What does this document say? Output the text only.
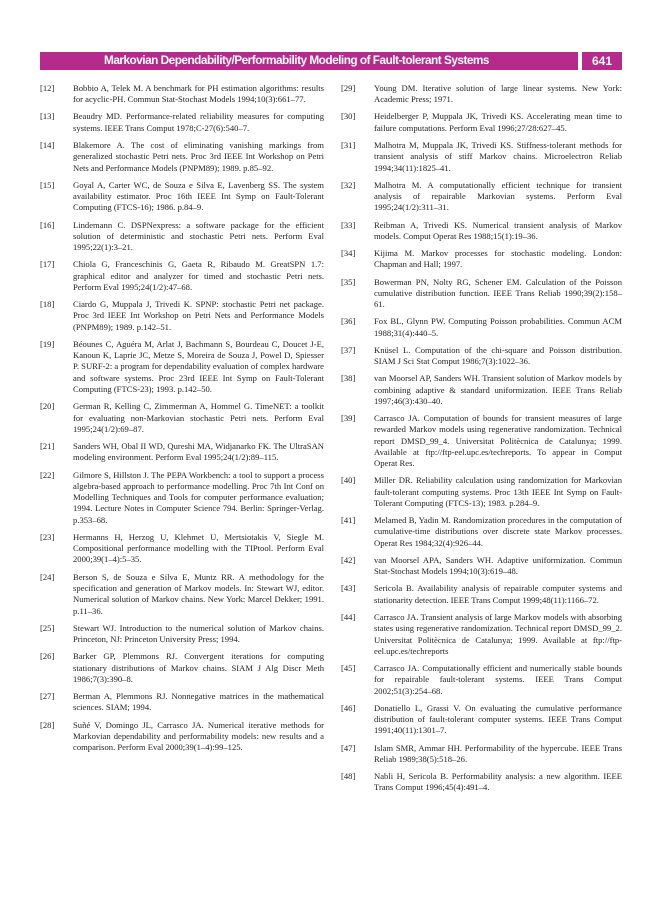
Markovian Dependability/Performability Modeling of Fault-tolerant Systems	641
[12] Bobbio A, Telek M. A benchmark for PH estimation algorithms: results for acyclic-PH. Commun Stat-Stochast Models 1994;10(3):661–77.
[13] Beaudry MD. Performance-related reliability measures for computing systems. IEEE Trans Comput 1978;C-27(6):540–7.
[14] Blakemore A. The cost of eliminating vanishing markings from generalized stochastic Petri nets. Proc 3rd IEEE Int Workshop on Petri Nets and Performance Models (PNPM89); 1989. p.85–92.
[15] Goyal A, Carter WC, de Souza e Silva E, Lavenberg SS. The system availability estimator. Proc 16th IEEE Int Symp on Fault-Tolerant Computing (FTCS-16); 1986. p.84–9.
[16] Lindemann C. DSPNexpress: a software package for the efficient solution of deterministic and stochastic Petri nets. Perform Eval 1995;22(1):3–21.
[17] Chiola G, Franceschinis G, Gaeta R, Ribaudo M. GreatSPN 1.7: graphical editor and analyzer for timed and stochastic Petri nets. Perform Eval 1995;24(1/2):47–68.
[18] Ciardo G, Muppala J, Trivedi K. SPNP: stochastic Petri net package. Proc 3rd IEEE Int Workshop on Petri Nets and Performance Models (PNPM89); 1989. p.142–51.
[19] Béounes C, Aguéra M, Arlat J, Bachmann S, Bourdeau C, Doucet J-E, Kanoun K, Laprie JC, Metze S, Moreira de Souza J, Powel D, Spiesser P. SURF-2: a program for dependability evaluation of complex hardware and software systems. Proc 23rd IEEE Int Symp on Fault-Tolerant Computing (FTCS-23); 1993. p.142–50.
[20] German R, Kelling C, Zimmerman A, Hommel G. TimeNET: a toolkit for evaluating non-Markovian stochastic Petri nets. Perform Eval 1995;24(1/2):69–87.
[21] Sanders WH, Obal II WD, Qureshi MA, Widjanarko FK. The UltraSAN modeling environment. Perform Eval 1995;24(1/2):89–115.
[22] Gilmore S, Hillston J. The PEPA Workbench: a tool to support a process algebra-based approach to performance modelling. Proc 7th Int Conf on Modelling Techniques and Tools for computer performance evaluation; 1994. Lecture Notes in Computer Science 794. Berlin: Springer-Verlag. p.353–68.
[23] Hermanns H, Herzog U, Klehmet U, Mertsiotakis V, Siegle M. Compositional performance modelling with the TIPtool. Perform Eval 2000;39(1–4):5–35.
[24] Berson S, de Souza e Silva E, Muntz RR. A methodology for the specification and generation of Markov models. In: Stewart WJ, editor. Numerical solution of Markov chains. New York: Marcel Dekker; 1991. p.11–36.
[25] Stewart WJ. Introduction to the numerical solution of Markov chains. Princeton, NJ: Princeton University Press; 1994.
[26] Barker GP, Plemmons RJ. Convergent iterations for computing stationary distributions of Markov chains. SIAM J Alg Discr Meth 1986;7(3):390–8.
[27] Berman A, Plemmons RJ. Nonnegative matrices in the mathematical sciences. SIAM; 1994.
[28] Suñé V, Domingo JL, Carrasco JA. Numerical iterative methods for Markovian dependability and performability models: new results and a comparison. Perform Eval 2000;39(1–4):99–125.
[29] Young DM. Iterative solution of large linear systems. New York: Academic Press; 1971.
[30] Heidelberger P, Muppala JK, Trivedi KS. Accelerating mean time to failure computations. Perform Eval 1996;27/28:627–45.
[31] Malhotra M, Muppala JK, Trivedi KS. Stiffness-tolerant methods for transient analysis of stiff Markov chains. Microelectron Reliab 1994;34(11):1825–41.
[32] Malhotra M. A computationally efficient technique for transient analysis of repairable Markovian systems. Perform Eval 1995;24(1/2):311–31.
[33] Reibman A, Trivedi KS. Numerical transient analysis of Markov models. Comput Operat Res 1988;15(1):19–36.
[34] Kijima M. Markov processes for stochastic modeling. London: Chapman and Hall; 1997.
[35] Bowerman PN, Nolty RG, Schener EM. Calculation of the Poisson cumulative distribution function. IEEE Trans Reliab 1990;39(2):158–61.
[36] Fox BL, Glynn PW. Computing Poisson probabilities. Commun ACM 1988;31(4):440–5.
[37] Knüsel L. Computation of the chi-square and Poisson distribution. SIAM J Sci Stat Comput 1986;7(3):1022–36.
[38] van Moorsel AP, Sanders WH. Transient solution of Markov models by combining adaptive & standard uniformization. IEEE Trans Reliab 1997;46(3):430–40.
[39] Carrasco JA. Computation of bounds for transient measures of large rewarded Markov models using regenerative randomization. Technical report DMSD_99_4. Universitat Politècnica de Catalunya; 1999. Available at ftp://ftp-eel.upc.es/techreports. To appear in Comput Operat Res.
[40] Miller DR. Reliability calculation using randomization for Markovian fault-tolerant computing systems. Proc 13th IEEE Int Symp on Fault-Tolerant Computing (FTCS-13); 1983. p.284–9.
[41] Melamed B, Yadin M. Randomization procedures in the computation of cumulative-time distributions over discrete state Markov processes. Operat Res 1984;32(4):926–44.
[42] van Moorsel APA, Sanders WH. Adaptive uniformization. Commun Stat-Stochast Models 1994;10(3):619–48.
[43] Sericola B. Availability analysis of repairable computer systems and stationarity detection. IEEE Trans Comput 1999;48(11):1166–72.
[44] Carrasco JA. Transient analysis of large Markov models with absorbing states using regenerative randomization. Technical report DMSD_99_2. Universitat Politècnica de Catalunya; 1999. Available at ftp://ftp-eel.upc.es/techreports
[45] Carrasco JA. Computationally efficient and numerically stable bounds for repairable fault-tolerant systems. IEEE Trans Comput 2002;51(3):254–68.
[46] Donatiello L, Grassi V. On evaluating the cumulative performance distribution of fault-tolerant computer systems. IEEE Trans Comput 1991;40(11):1301–7.
[47] Islam SMR, Ammar HH. Performability of the hypercube. IEEE Trans Reliab 1989;38(5):518–26.
[48] Nabli H, Sericola B. Performability analysis: a new algorithm. IEEE Trans Comput 1996;45(4):491–4.
